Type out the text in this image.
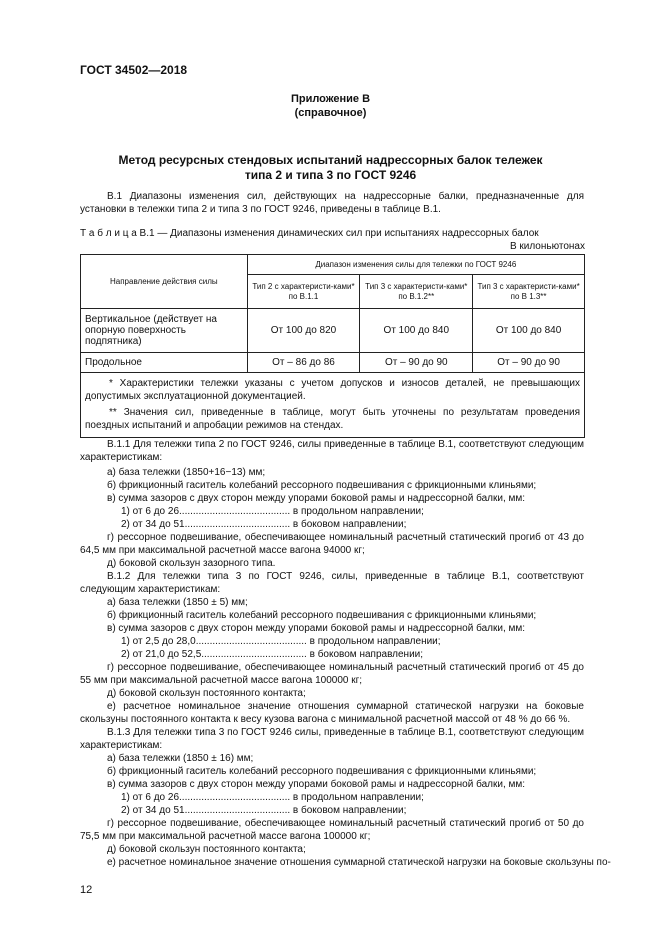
ГОСТ 34502—2018
Приложение В
(справочное)
Метод ресурсных стендовых испытаний надрессорных балок тележек
типа 2 и типа 3 по ГОСТ 9246
В.1 Диапазоны изменения сил, действующих на надрессорные балки, предназначенные для установки в тележки типа 2 и типа 3 по ГОСТ 9246, приведены в таблице В.1.
Т а б л и ц а В.1 — Диапазоны изменения динамических сил при испытаниях надрессорных балок
В килоньютонах
Направление действия силы	Диапазон изменения силы для тележки по ГОСТ 9246		
	Тип 2 с характеристи-ками* по В.1.1	Тип 3 с характеристи-ками* по В.1.2**	Тип 3 с характеристи-ками* по В 1.3**
Вертикальное (действует на опорную поверхность подпятника)	От 100 до 820	От 100 до 840	От 100 до 840
Продольное	От – 86 до 86	От – 90 до 90	От – 90 до 90

* Характеристики тележки указаны с учетом допусков и износов деталей, не превышающих допустимых эксплуатационной документацией.

** Значения сил, приведенные в таблице, могут быть уточнены по результатам проведения поездных испытаний и апробации режимов на стендах.			

В.1.1 Для тележки типа 2 по ГОСТ 9246, силы приведенные в таблице В.1, соответствуют следующим характеристикам:
а) база тележки (1850+16−13) мм;
б) фрикционный гаситель колебаний рессорного подвешивания с фрикционными клиньями;
в) сумма зазоров с двух сторон между упорами боковой рамы и надрессорной балки, мм:
1) от 6 до 26........................................ в продольном направлении;
2) от 34 до 51...................................... в боковом направлении;
г) рессорное подвешивание, обеспечивающее номинальный расчетный статический прогиб от 43 до 64,5 мм при максимальной расчетной массе вагона 94000 кг;
д) боковой скользун зазорного типа.
В.1.2 Для тележки типа 3 по ГОСТ 9246, силы, приведенные в таблице В.1, соответствуют следующим характеристикам:
а) база тележки (1850 ± 5) мм;
б) фрикционный гаситель колебаний рессорного подвешивания с фрикционными клиньями;
в) сумма зазоров с двух сторон между упорами боковой рамы и надрессорной балки, мм:
1) от 2,5 до 28,0........................................ в продольном направлении;
2) от 21,0 до 52,5...................................... в боковом направлении;
г) рессорное подвешивание, обеспечивающее номинальный расчетный статический прогиб от 45 до 55 мм при максимальной расчетной массе вагона 100000 кг;
д) боковой скользун постоянного контакта;
е) расчетное номинальное значение отношения суммарной статической нагрузки на боковые скользуны постоянного контакта к весу кузова вагона с минимальной расчетной массой от 48 % до 66 %.
В.1.3 Для тележки типа 3 по ГОСТ 9246 силы, приведенные в таблице В.1, соответствуют следующим характеристикам:
а) база тележки (1850 ± 16) мм;
б) фрикционный гаситель колебаний рессорного подвешивания с фрикционными клиньями;
в) сумма зазоров с двух сторон между упорами боковой рамы и надрессорной балки, мм:
1) от 6 до 26........................................ в продольном направлении;
2) от 34 до 51...................................... в боковом направлении;
г) рессорное подвешивание, обеспечивающее номинальный расчетный статический прогиб от 50 до 75,5 мм при максимальной расчетной массе вагона 100000 кг;
д) боковой скользун постоянного контакта;
е) расчетное номинальное значение отношения суммарной статической нагрузки на боковые скользуны по-
12
